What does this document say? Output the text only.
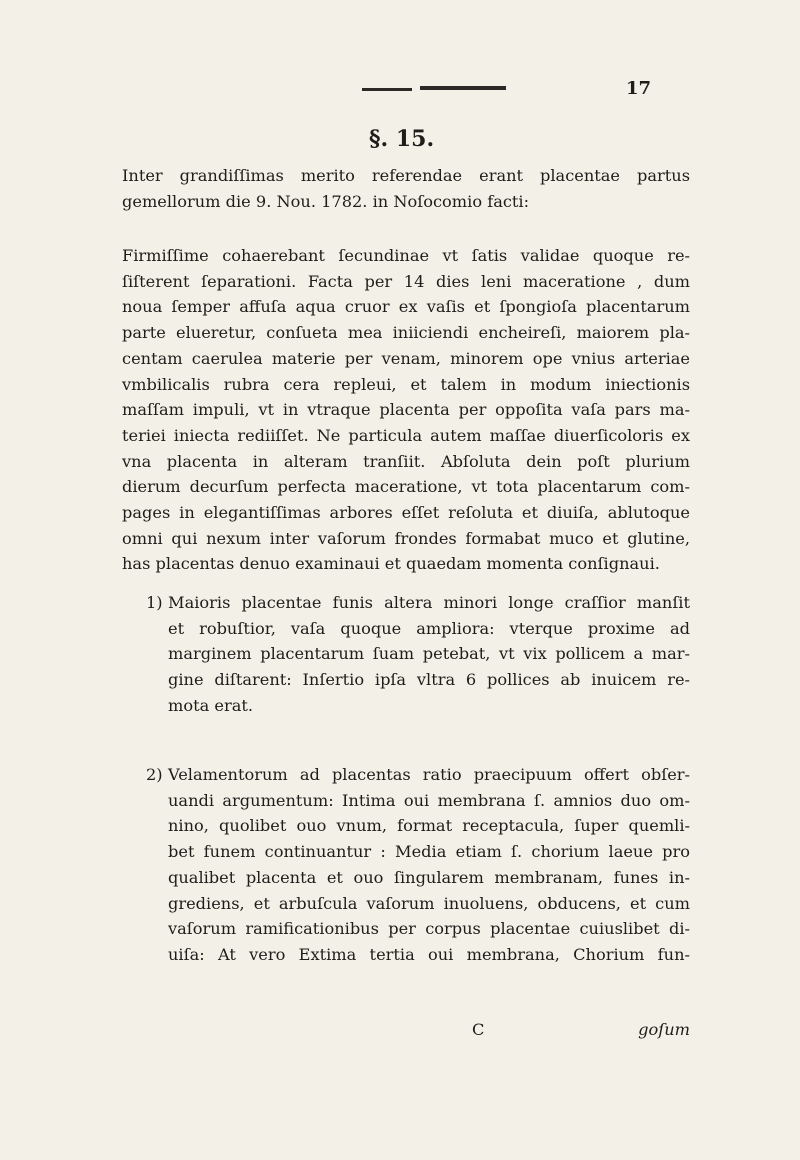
17
§. 15.
Inter grandiſſimas merito referendae erant placentae partus
gemellorum die 9. Nou. 1782. in Noſocomio facti:
Firmiſſime cohaerebant ſecundinae vt ſatis validae quoque re-
ſiſterent ſeparationi. Facta per 14 dies leni maceratione , dum
noua ſemper affuſa aqua cruor ex vaſis et ſpongioſa placentarum
parte elueretur, conſueta mea iniiciendi encheireſi, maiorem pla-
centam caerulea materie per venam, minorem ope vnius arteriae
vmbilicalis rubra cera repleui, et talem in modum iniectionis
maſſam impuli, vt in vtraque placenta per oppoſita vaſa pars ma-
teriei iniecta rediiſſet. Ne particula autem maſſae diuerſicoloris ex
vna placenta in alteram tranſiit. Abſoluta dein poſt plurium
dierum decurſum perfecta maceratione, vt tota placentarum com-
pages in elegantiſſimas arbores eſſet reſoluta et diuiſa, ablutoque
omni qui nexum inter vaſorum frondes formabat muco et glutine,
has placentas denuo examinaui et quaedam momenta conſignaui.
1) Maioris placentae funis altera minori longe craſſior manſit
et robuſtior, vaſa quoque ampliora: vterque proxime ad
marginem placentarum ſuam petebat, vt vix pollicem a mar-
gine diſtarent: Inſertio ipſa vltra 6 pollices ab inuicem re-
mota erat.
2) Velamentorum ad placentas ratio praecipuum offert obſer-
uandi argumentum: Intima oui membrana ſ. amnios duo om-
nino, quolibet ouo vnum, format receptacula, ſuper quemli-
bet funem continuantur : Media etiam ſ. chorium laeue pro
qualibet placenta et ouo ſingularem membranam, funes in-
grediens, et arbuſcula vaſorum inuoluens, obducens, et cum
vaſorum ramificationibus per corpus placentae cuiuslibet di-
uiſa: At vero Extima tertia oui membrana, Chorium fun-
C	goſum
